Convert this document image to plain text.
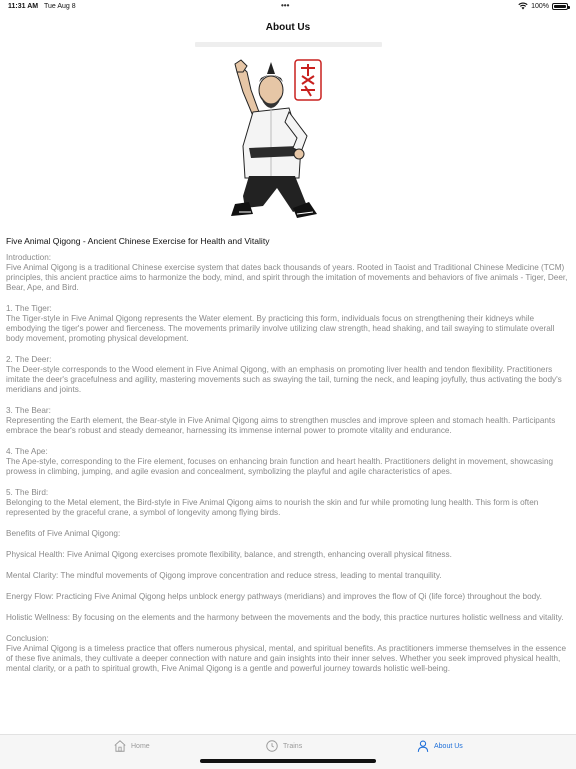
11:31 AM Tue Aug 8	•••	100%
About Us
Five Animal Qigong - Ancient Chinese Exercise for Health and Vitality

Introduction:
Five Animal Qigong is a traditional Chinese exercise system that dates back thousands of years. Rooted in Taoist and Traditional Chinese Medicine (TCM) principles, this ancient practice aims to harmonize the body, mind, and spirit through the imitation of movements and behaviors of five animals - Tiger, Deer, Bear, Ape, and Bird.

1. The Tiger:
The Tiger-style in Five Animal Qigong represents the Water element. By practicing this form, individuals focus on strengthening their kidneys while embodying the tiger's power and fierceness. The movements primarily involve utilizing claw strength, head shaking, and tail swaying to stimulate overall body movement, promoting physical development.

2. The Deer:
The Deer-style corresponds to the Wood element in Five Animal Qigong, with an emphasis on promoting liver health and tendon flexibility. Practitioners imitate the deer's gracefulness and agility, mastering movements such as swaying the tail, turning the neck, and leaping joyfully, thus activating the body's meridians and joints.

3. The Bear:
Representing the Earth element, the Bear-style in Five Animal Qigong aims to strengthen muscles and improve spleen and stomach health. Participants embrace the bear's robust and steady demeanor, harnessing its immense internal power to promote vitality and endurance.

4. The Ape:
The Ape-style, corresponding to the Fire element, focuses on enhancing brain function and heart health. Practitioners delight in movement, showcasing prowess in climbing, jumping, and agile evasion and concealment, symbolizing the playful and agile characteristics of apes.

5. The Bird:
Belonging to the Metal element, the Bird-style in Five Animal Qigong aims to nourish the skin and fur while promoting lung health. This form is often represented by the graceful crane, a symbol of longevity among flying birds.

Benefits of Five Animal Qigong:

Physical Health: Five Animal Qigong exercises promote flexibility, balance, and strength, enhancing overall physical fitness.

Mental Clarity: The mindful movements of Qigong improve concentration and reduce stress, leading to mental tranquility.

Energy Flow: Practicing Five Animal Qigong helps unblock energy pathways (meridians) and improves the flow of Qi (life force) throughout the body.

Holistic Wellness: By focusing on the elements and the harmony between the movements and the body, this practice nurtures holistic wellness and vitality.

Conclusion:
Five Animal Qigong is a timeless practice that offers numerous physical, mental, and spiritual benefits. As practitioners immerse themselves in the essence of these five animals, they cultivate a deeper connection with nature and gain insights into their inner selves. Whether you seek improved physical health, mental clarity, or a path to spiritual growth, Five Animal Qigong is a gentle and powerful journey towards holistic well-being.

Home	Trains	About Us
